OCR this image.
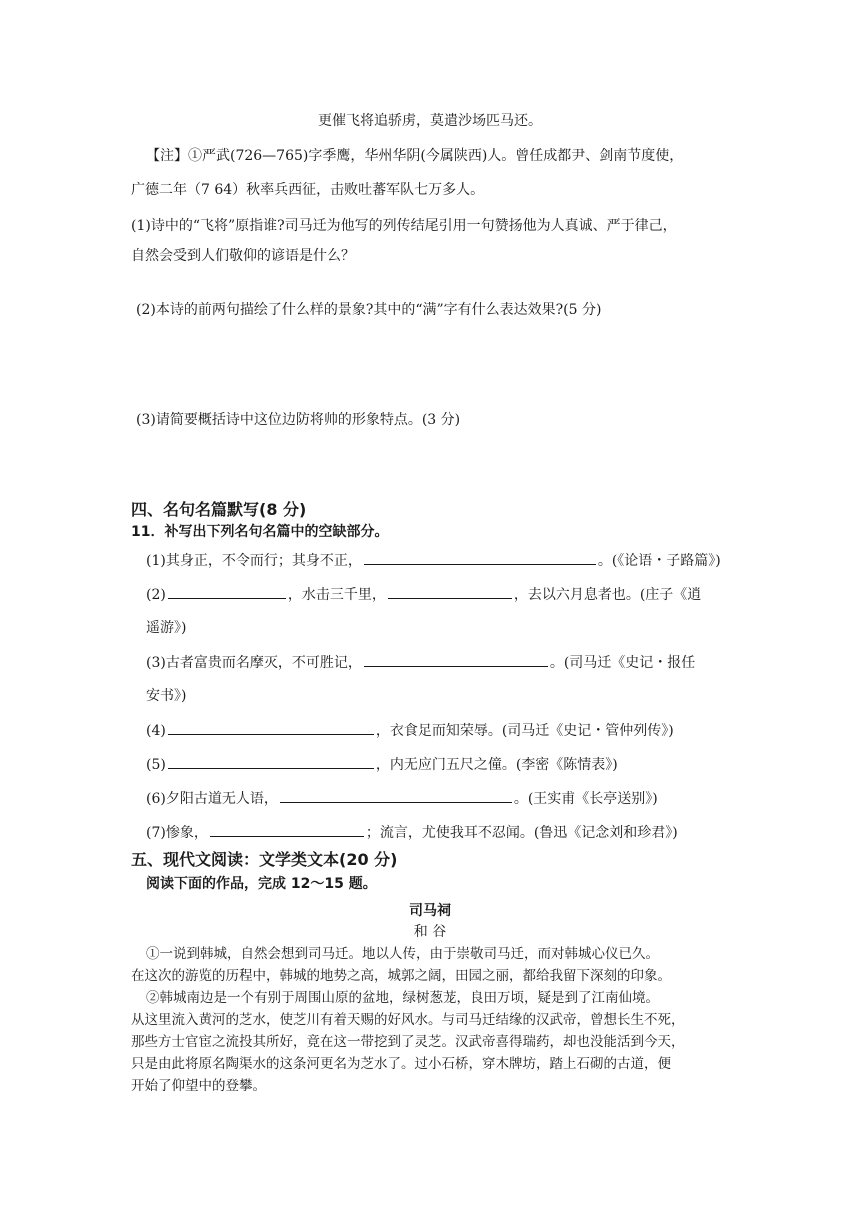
更催飞将追骄虏，莫遣沙场匹马还。
【注】①严武(726—765)字季鹰，华州华阴(今属陕西)人。曾任成都尹、剑南节度使，
广德二年（7 64）秋率兵西征，击败吐蕃军队七万多人。
(1)诗中的“飞将”原指谁?司马迁为他写的列传结尾引用一句赞扬他为人真诚、严于律己，
自然会受到人们敬仰的谚语是什么？
(2)本诗的前两句描绘了什么样的景象?其中的“满”字有什么表达效果?(5 分)
(3)请简要概括诗中这位边防将帅的形象特点。(3 分)
四、名句名篇默写(8 分)
11．补写出下列名句名篇中的空缺部分。
(1)其身正，不令而行；其身不正，	。(《论语・子路篇》)
(2)	，水击三千里，	，去以六月息者也。(庄子《逍
遥游》)
(3)古者富贵而名摩灭，不可胜记，	。(司马迁《史记・报任
安书》)
(4)	，衣食足而知荣辱。(司马迁《史记・管仲列传》)
(5)	，内无应门五尺之僮。(李密《陈情表》)
(6)夕阳古道无人语，	。(王实甫《长亭送别》)
(7)惨象，	；流言，尤使我耳不忍闻。(鲁迅《记念刘和珍君》)
五、现代文阅读：文学类文本(20 分)
阅读下面的作品，完成 12～15 题。
司马祠
和 谷
①一说到韩城，自然会想到司马迁。地以人传，由于崇敬司马迁，而对韩城心仪已久。
在这次的游览的历程中，韩城的地势之高，城郭之阔，田园之丽，都给我留下深刻的印象。
②韩城南边是一个有别于周围山原的盆地，绿树葱茏，良田万顷，疑是到了江南仙境。
从这里流入黄河的芝水，使芝川有着天赐的好风水。与司马迁结缘的汉武帝，曾想长生不死，
那些方士官宦之流投其所好，竟在这一带挖到了灵芝。汉武帝喜得瑞药，却也没能活到今天，
只是由此将原名陶渠水的这条河更名为芝水了。过小石桥，穿木牌坊，踏上石砌的古道，便
开始了仰望中的登攀。
